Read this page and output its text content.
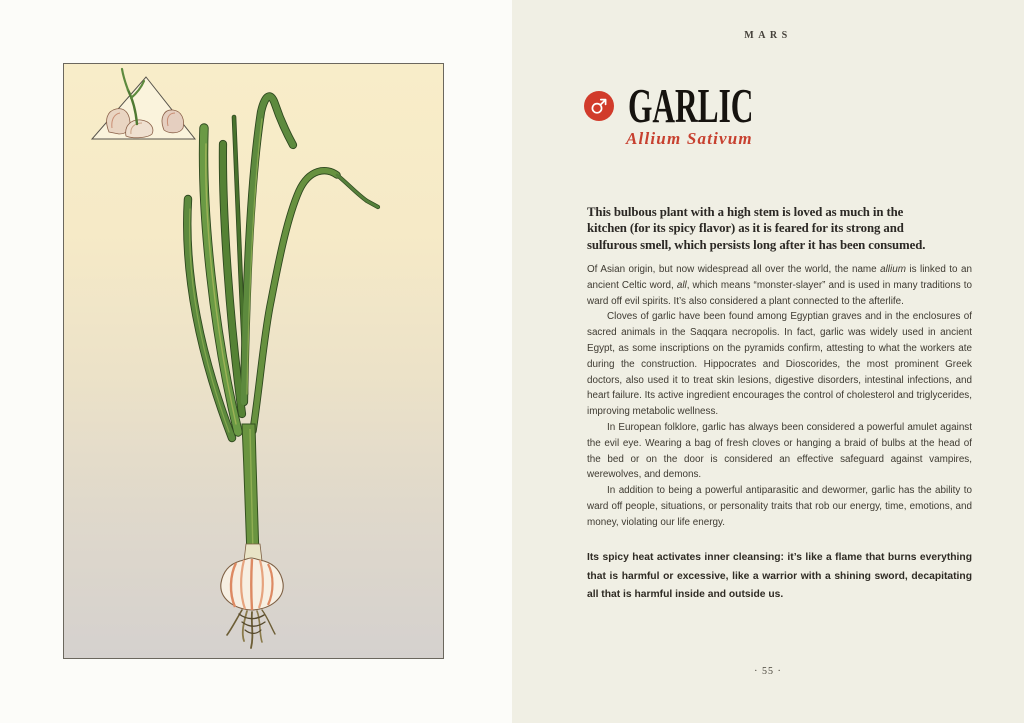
MARS
GARLIC
Allium Sativum
This bulbous plant with a high stem is loved as much in the kitchen (for its spicy flavor) as it is feared for its strong and sulfurous smell, which persists long after it has been consumed.

Of Asian origin, but now widespread all over the world, the name allium is linked to an ancient Celtic word, all, which means “monster-slayer” and is used in many traditions to ward off evil spirits. It’s also considered a plant connected to the afterlife.

Cloves of garlic have been found among Egyptian graves and in the enclosures of sacred animals in the Saqqara necropolis. In fact, garlic was widely used in ancient Egypt, as some inscriptions on the pyramids confirm, attesting to what the workers ate during the construction. Hippocrates and Dioscorides, the most prominent Greek doctors, also used it to treat skin lesions, digestive disorders, intestinal infections, and heart failure. Its active ingredient encourages the control of cholesterol and triglycerides, improving metabolic wellness.

In European folklore, garlic has always been considered a powerful amulet against the evil eye. Wearing a bag of fresh cloves or hanging a braid of bulbs at the head of the bed or on the door is considered an effective safeguard against vampires, werewolves, and demons.

In addition to being a powerful antiparasitic and dewormer, garlic has the ability to ward off people, situations, or personality traits that rob our energy, time, emotions, and money, violating our life energy.

Its spicy heat activates inner cleansing: it’s like a flame that burns everything that is harmful or excessive, like a warrior with a shining sword, decapitating all that is harmful inside and outside us.
· 55 ·
